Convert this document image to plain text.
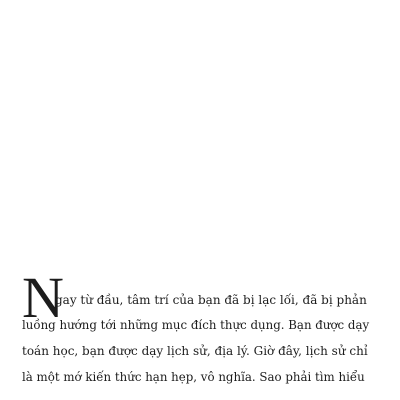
N
gay từ đầu, tâm trí của bạn đã bị lạc lối, đã bị phản
luồng hướng tới những mục đích thực dụng. Bạn được dạy
toán học, bạn được dạy lịch sử, địa lý. Giờ đây, lịch sử chỉ
là một mớ kiến thức hạn hẹp, vô nghĩa. Sao phải tìm hiểu
